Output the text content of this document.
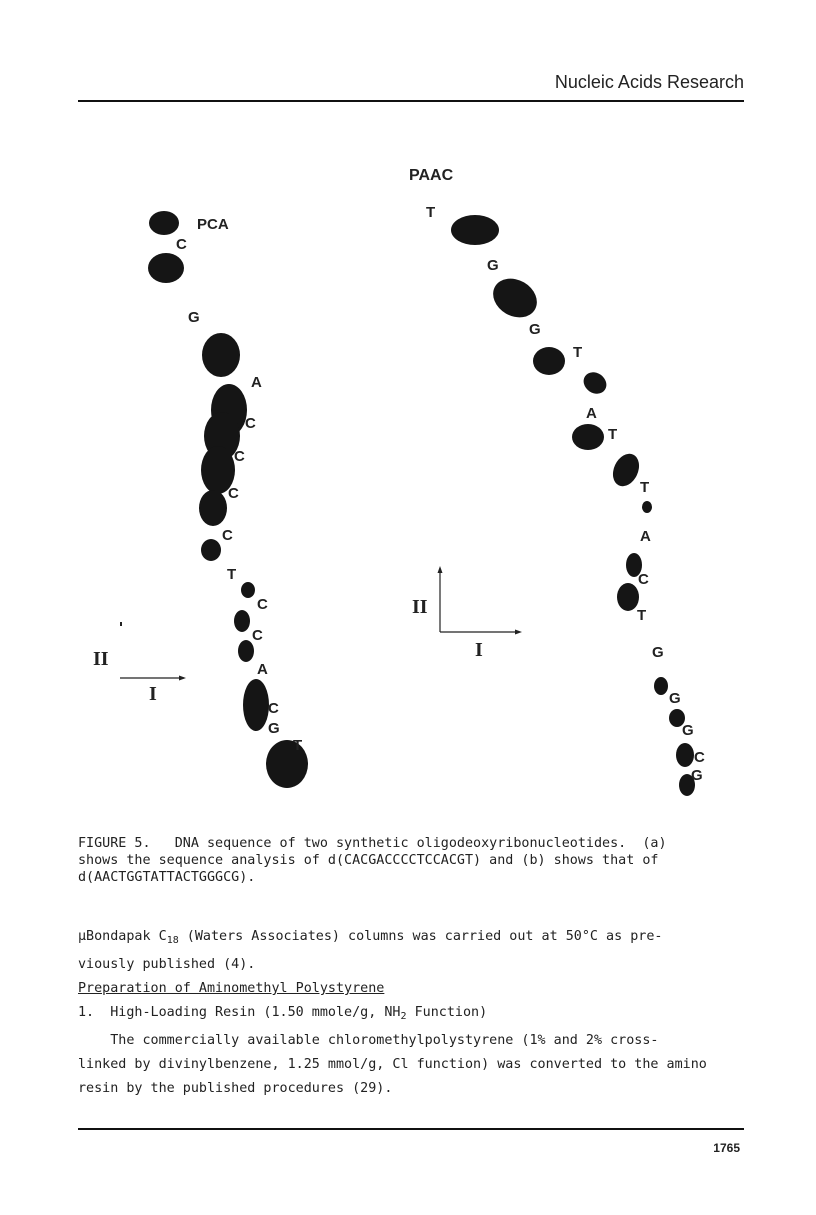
Nucleic Acids Research
PCA
C
G
A
C
C
C
C
T
C
C
A
C
G
T
II
I
PAAC
T
G
G
T
A
T
T
A
C
T
G
G
G
C
G
II
I
FIGURE 5.   DNA sequence of two synthetic oligodeoxyribonucleotides.  (a)
shows the sequence analysis of d(CACGACCCCTCCACGT) and (b) shows that of
d(AACTGGTATTACTGGGCG).
μBondapak $C_{18}$ (Waters Associates) columns was carried out at 50°C as pre-
viously published (4).
Preparation of Aminomethyl Polystyrene
1.  High-Loading Resin (1.50 mmole/g, $NH_2$ Function)
The commercially available chloromethylpolystyrene (1% and 2% cross-
linked by divinylbenzene, 1.25 mmol/g, Cl function) was converted to the amino
resin by the published procedures (29).
1765
